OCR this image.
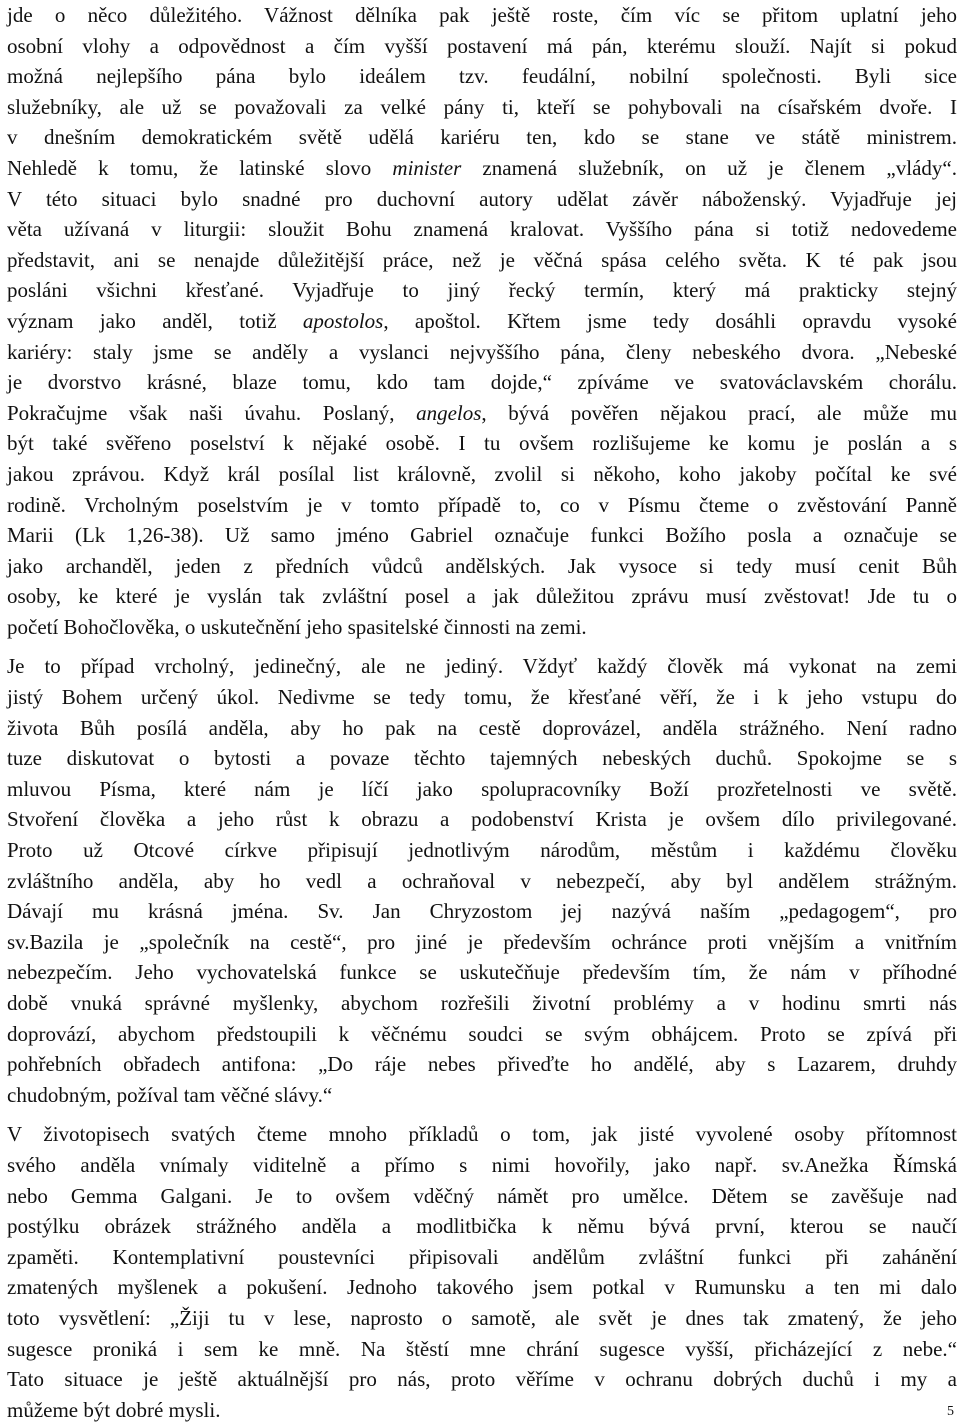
jde o něco důležitého. Vážnost dělníka pak ještě roste, čím víc se přitom uplatní jeho
osobní vlohy a odpovědnost a čím vyšší postavení má pán, kterému slouží. Najít si pokud
možná nejlepšího pána bylo ideálem tzv. feudální, nobilní společnosti. Byli sice
služebníky, ale už se považovali za velké pány ti, kteří se pohybovali na císařském dvoře. I
v dnešním demokratickém světě udělá kariéru ten, kdo se stane ve státě ministrem.
Nehledě k tomu, že latinské slovo minister znamená služebník, on už je členem „vlády“.
V této situaci bylo snadné pro duchovní autory udělat závěr náboženský. Vyjadřuje jej
věta užívaná v liturgii: sloužit Bohu znamená kralovat. Vyššího pána si totiž nedovedeme
představit, ani se nenajde důležitější práce, než je věčná spása celého světa. K té pak jsou
posláni všichni křesťané. Vyjadřuje to jiný řecký termín, který má prakticky stejný
význam jako anděl, totiž apostolos, apoštol. Křtem jsme tedy dosáhli opravdu vysoké
kariéry: staly jsme se anděly a vyslanci nejvyššího pána, členy nebeského dvora. „Nebeské
je dvorstvo krásné, blaze tomu, kdo tam dojde,“ zpíváme ve svatováclavském chorálu.
Pokračujme však naši úvahu. Poslaný, angelos, bývá pověřen nějakou prací, ale může mu
být také svěřeno poselství k nějaké osobě. I tu ovšem rozlišujeme ke komu je poslán a s
jakou zprávou. Když král posílal list královně, zvolil si někoho, koho jakoby počítal ke své
rodině. Vrcholným poselstvím je v tomto případě to, co v Písmu čteme o zvěstování Panně
Marii (Lk 1,26-38). Už samo jméno Gabriel označuje funkci Božího posla a označuje se
jako archanděl, jeden z předních vůdců andělských. Jak vysoce si tedy musí cenit Bůh
osoby, ke které je vyslán tak zvláštní posel a jak důležitou zprávu musí zvěstovat! Jde tu o
početí Bohočlověka, o uskutečnění jeho spasitelské činnosti na zemi.
Je to případ vrcholný, jedinečný, ale ne jediný. Vždyť každý člověk má vykonat na zemi
jistý Bohem určený úkol. Nedivme se tedy tomu, že křesťané věří, že i k jeho vstupu do
života Bůh posílá anděla, aby ho pak na cestě doprovázel, anděla strážného. Není radno
tuze diskutovat o bytosti a povaze těchto tajemných nebeských duchů. Spokojme se s
mluvou Písma, které nám je líčí jako spolupracovníky Boží prozřetelnosti ve světě.
Stvoření člověka a jeho růst k obrazu a podobenství Krista je ovšem dílo privilegované.
Proto už Otcové církve připisují jednotlivým národům, městům i každému člověku
zvláštního anděla, aby ho vedl a ochraňoval v nebezpečí, aby byl andělem strážným.
Dávají mu krásná jména. Sv. Jan Chryzostom jej nazývá naším „pedagogem“, pro
sv.Bazila je „společník na cestě“, pro jiné je především ochránce proti vnějším a vnitřním
nebezpečím. Jeho vychovatelská funkce se uskutečňuje především tím, že nám v příhodné
době vnuká správné myšlenky, abychom rozřešili životní problémy a v hodinu smrti nás
doprovází, abychom předstoupili k věčnému soudci se svým obhájcem. Proto se zpívá při
pohřebních obřadech antifona: „Do ráje nebes přiveďte ho andělé, aby s Lazarem, druhdy
chudobným, požíval tam věčné slávy.“
V životopisech svatých čteme mnoho příkladů o tom, jak jisté vyvolené osoby přítomnost
svého anděla vnímaly viditelně a přímo s nimi hovořily, jako např. sv.Anežka Římská
nebo Gemma Galgani. Je to ovšem vděčný námět pro umělce. Dětem se zavěšuje nad
postýlku obrázek strážného anděla a modlitbička k němu bývá první, kterou se naučí
zpaměti. Kontemplativní poustevníci připisovali andělům zvláštní funkci při zahánění
zmatených myšlenek a pokušení. Jednoho takového jsem potkal v Rumunsku a ten mi dalo
toto vysvětlení: „Žiji tu v lese, naprosto o samotě, ale svět je dnes tak zmatený, že jeho
sugesce proniká i sem ke mně. Na štěstí mne chrání sugesce vyšší, přicházející z nebe.“
Tato situace je ještě aktuálnější pro nás, proto věříme v ochranu dobrých duchů i my a
můžeme být dobré mysli.	5
